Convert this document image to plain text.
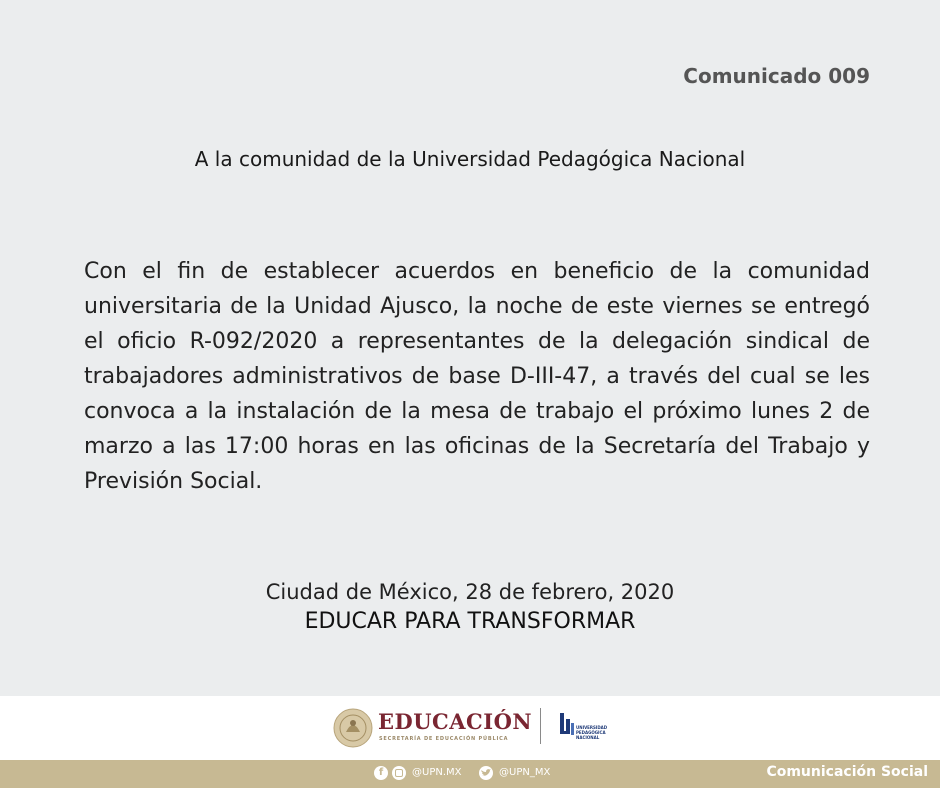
Comunicado 009
A la comunidad de la Universidad Pedagógica Nacional

Con el fin de establecer acuerdos en beneficio de la comunidad universitaria de la Unidad Ajusco, la noche de este viernes se entregó el oficio R-092/2020 a representantes de la delegación sindical de trabajadores administrativos de base D-III-47, a través del cual se les convoca a la instalación de la mesa de trabajo el próximo lunes 2 de marzo a las 17:00 horas en las oficinas de la Secretaría del Trabajo y Previsión Social.

Ciudad de México, 28 de febrero, 2020
EDUCAR PARA TRANSFORMAR
EDUCACIÓN
SECRETARÍA DE EDUCACIÓN PÚBLICA
UNIVERSIDAD PEDAGÓGICA NACIONAL
f	@UPN.MX	@UPN_MX	Comunicación Social
